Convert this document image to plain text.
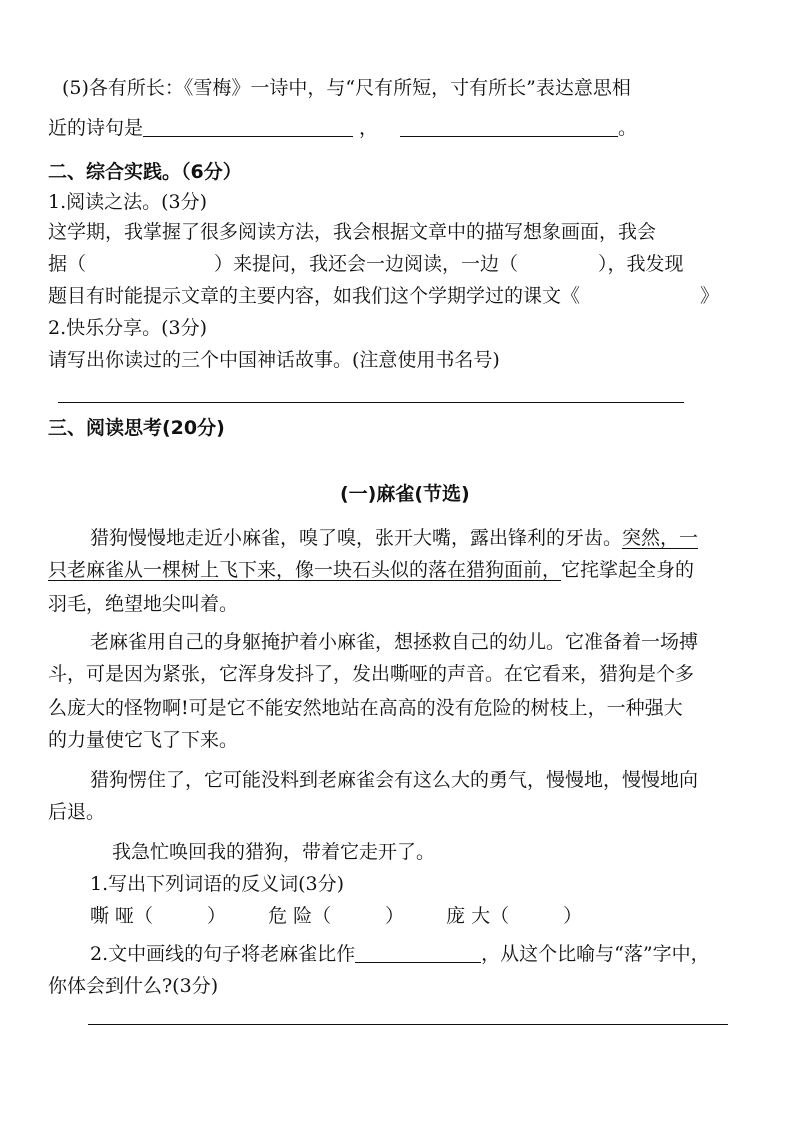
(5)各有所长：《雪梅》一诗中，与“尺有所短，寸有所长”表达意思相
近的诗句是	，	。
二、综合实践。（6分）
1.阅读之法。(3分)
这学期，我掌握了很多阅读方法，我会根据文章中的描写想象画面，我会
据（	）来提问，我还会一边阅读，一边（	），我发现
题目有时能提示文章的主要内容，如我们这个学期学过的课文《	》
2.快乐分享。(3分)
请写出你读过的三个中国神话故事。(注意使用书名号)
三、阅读思考(20分)
(一)麻雀(节选)
猎狗慢慢地走近小麻雀，嗅了嗅，张开大嘴，露出锋利的牙齿。突然，一
只老麻雀从一棵树上飞下来，像一块石头似的落在猎狗面前，它挓挲起全身的
羽毛，绝望地尖叫着。
老麻雀用自己的身躯掩护着小麻雀，想拯救自己的幼儿。它准备着一场搏
斗，可是因为紧张，它浑身发抖了，发出嘶哑的声音。在它看来，猎狗是个多
么庞大的怪物啊!可是它不能安然地站在高高的没有危险的树枝上，一种强大
的力量使它飞了下来。
猎狗愣住了，它可能没料到老麻雀会有这么大的勇气，慢慢地，慢慢地向
后退。
我急忙唤回我的猎狗，带着它走开了。
1.写出下列词语的反义词(3分)
嘶 哑（	） 危 险（	） 庞 大（	）
2.文中画线的句子将老麻雀比作	，从这个比喻与“落”字中，
你体会到什么?(3分)
